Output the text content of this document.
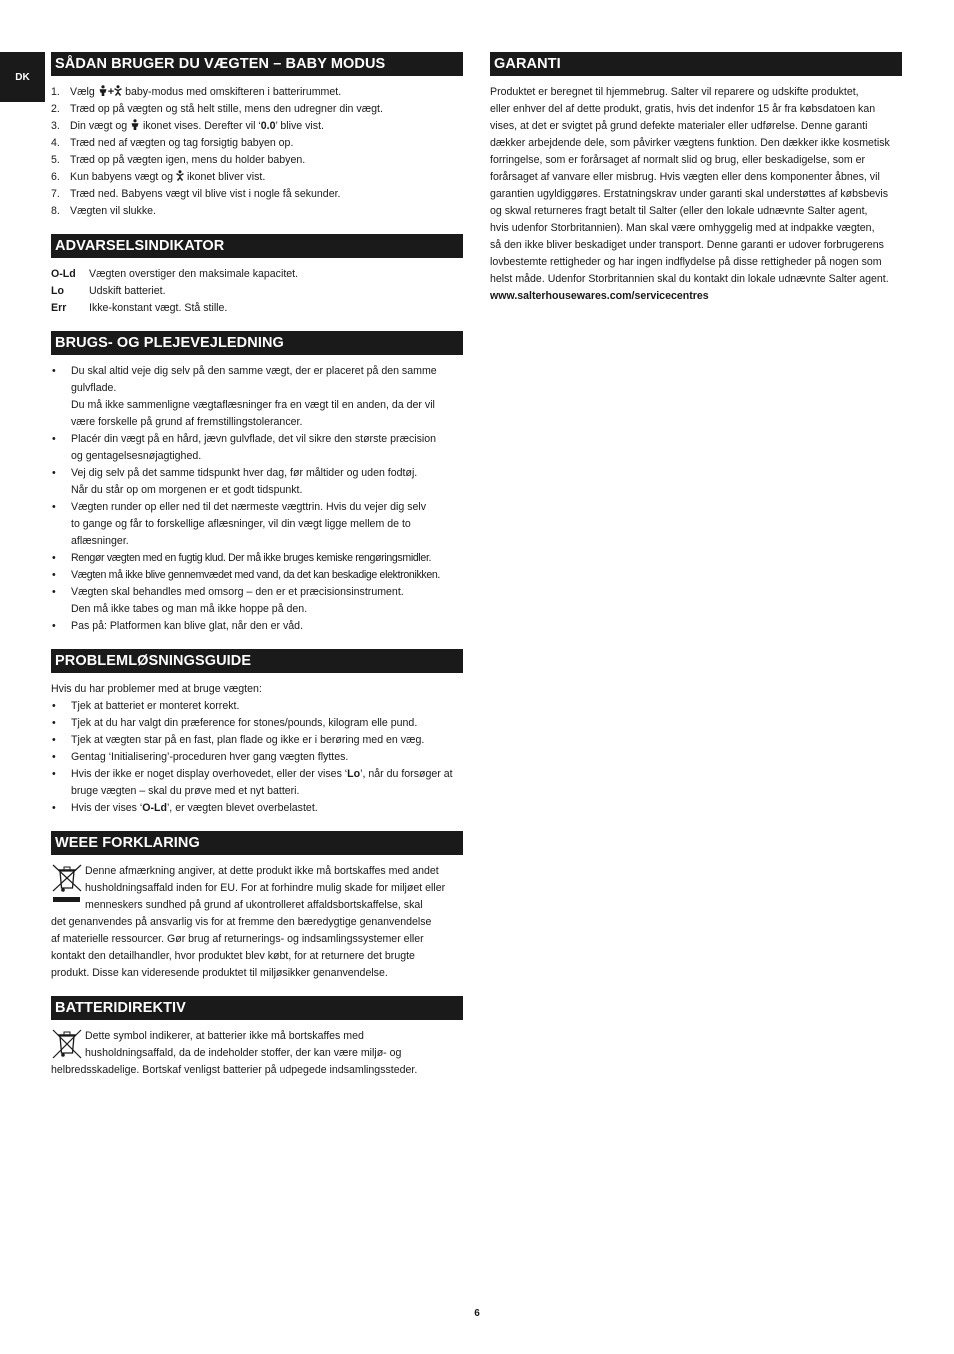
DK
SÅDAN BRUGER DU VÆGTEN – BABY MODUS
1. Vælg + baby-modus med omskifteren i batterirummet.
2. Træd op på vægten og stå helt stille, mens den udregner din vægt.
3. Din vægt og  ikonet vises. Derefter vil ‘0.0’ blive vist.
4. Træd ned af vægten og tag forsigtig babyen op.
5. Træd op på vægten igen, mens du holder babyen.
6. Kun babyens vægt og  ikonet bliver vist.
7. Træd ned. Babyens vægt vil blive vist i nogle få sekunder.
8. Vægten vil slukke.
ADVARSELSINDIKATOR
O-Ld	Vægten overstiger den maksimale kapacitet.
Lo	Udskift batteriet.
Err	Ikke-konstant vægt. Stå stille.
BRUGS- OG PLEJEVEJLEDNING
•
Du skal altid veje dig selv på den samme vægt, der er placeret på den samme
gulvflade.
Du må ikke sammenligne vægtaflæsninger fra en vægt til en anden, da der vil
være forskelle på grund af fremstillingstolerancer.
•
Placér din vægt på en hård, jævn gulvflade, det vil sikre den største præcision
og gentagelsesnøjagtighed.
•
Vej dig selv på det samme tidspunkt hver dag, før måltider og uden fodtøj.
Når du står op om morgenen er et godt tidspunkt.
•
Vægten runder op eller ned til det nærmeste vægttrin. Hvis du vejer dig selv
to gange og får to forskellige aflæsninger, vil din vægt ligge mellem de to
aflæsninger.
•
Rengør vægten med en fugtig klud. Der må ikke bruges kemiske rengøringsmidler.
•
Vægten må ikke blive gennemvædet med vand, da det kan beskadige elektronikken.
•
Vægten skal behandles med omsorg – den er et præcisionsinstrument.
Den må ikke tabes og man må ikke hoppe på den.
•
Pas på: Platformen kan blive glat, når den er våd.
PROBLEMLØSNINGSGUIDE
Hvis du har problemer med at bruge vægten:
•
Tjek at batteriet er monteret korrekt.
•
Tjek at du har valgt din præference for stones/pounds, kilogram elle pund.
•
Tjek at vægten star på en fast, plan flade og ikke er i berøring med en væg.
•
Gentag ‘Initialisering’-proceduren hver gang vægten flyttes.
•
Hvis der ikke er noget display overhovedet, eller der vises ‘Lo’, når du forsøger at
bruge vægten – skal du prøve med et nyt batteri.
•
Hvis der vises ‘O-Ld’, er vægten blevet overbelastet.
WEEE FORKLARING
Denne afmærkning angiver, at dette produkt ikke må bortskaffes med andet
husholdningsaffald inden for EU. For at forhindre mulig skade for miljøet eller
menneskers sundhed på grund af ukontrolleret affaldsbortskaffelse, skal
det genanvendes på ansvarlig vis for at fremme den bæredygtige genanvendelse
af materielle ressourcer. Gør brug af returnerings- og indsamlingssystemer eller
kontakt den detailhandler, hvor produktet blev købt, for at returnere det brugte
produkt. Disse kan videresende produktet til miljøsikker genanvendelse.
BATTERIDIREKTIV
Dette symbol indikerer, at batterier ikke må bortskaffes med
husholdningsaffald, da de indeholder stoffer, der kan være miljø- og
helbredsskadelige. Bortskaf venligst batterier på udpegede indsamlingssteder.
GARANTI
Produktet er beregnet til hjemmebrug. Salter vil reparere og udskifte produktet,
eller enhver del af dette produkt, gratis, hvis det indenfor 15 år fra købsdatoen kan
vises, at det er svigtet på grund defekte materialer eller udførelse. Denne garanti
dækker arbejdende dele, som påvirker vægtens funktion. Den dækker ikke kosmetisk
forringelse, som er forårsaget af normalt slid og brug, eller beskadigelse, som er
forårsaget af vanvare eller misbrug. Hvis vægten eller dens komponenter åbnes, vil
garantien ugyldiggøres. Erstatningskrav under garanti skal understøttes af købsbevis
og skwal returneres fragt betalt til Salter (eller den lokale udnævnte Salter agent,
hvis udenfor Storbritannien). Man skal være omhyggelig med at indpakke vægten,
så den ikke bliver beskadiget under transport. Denne garanti er udover forbrugerens
lovbestemte rettigheder og har ingen indflydelse på disse rettigheder på nogen som
helst måde. Udenfor Storbritannien skal du kontakt din lokale udnævnte Salter agent.
www.salterhousewares.com/servicecentres
6
